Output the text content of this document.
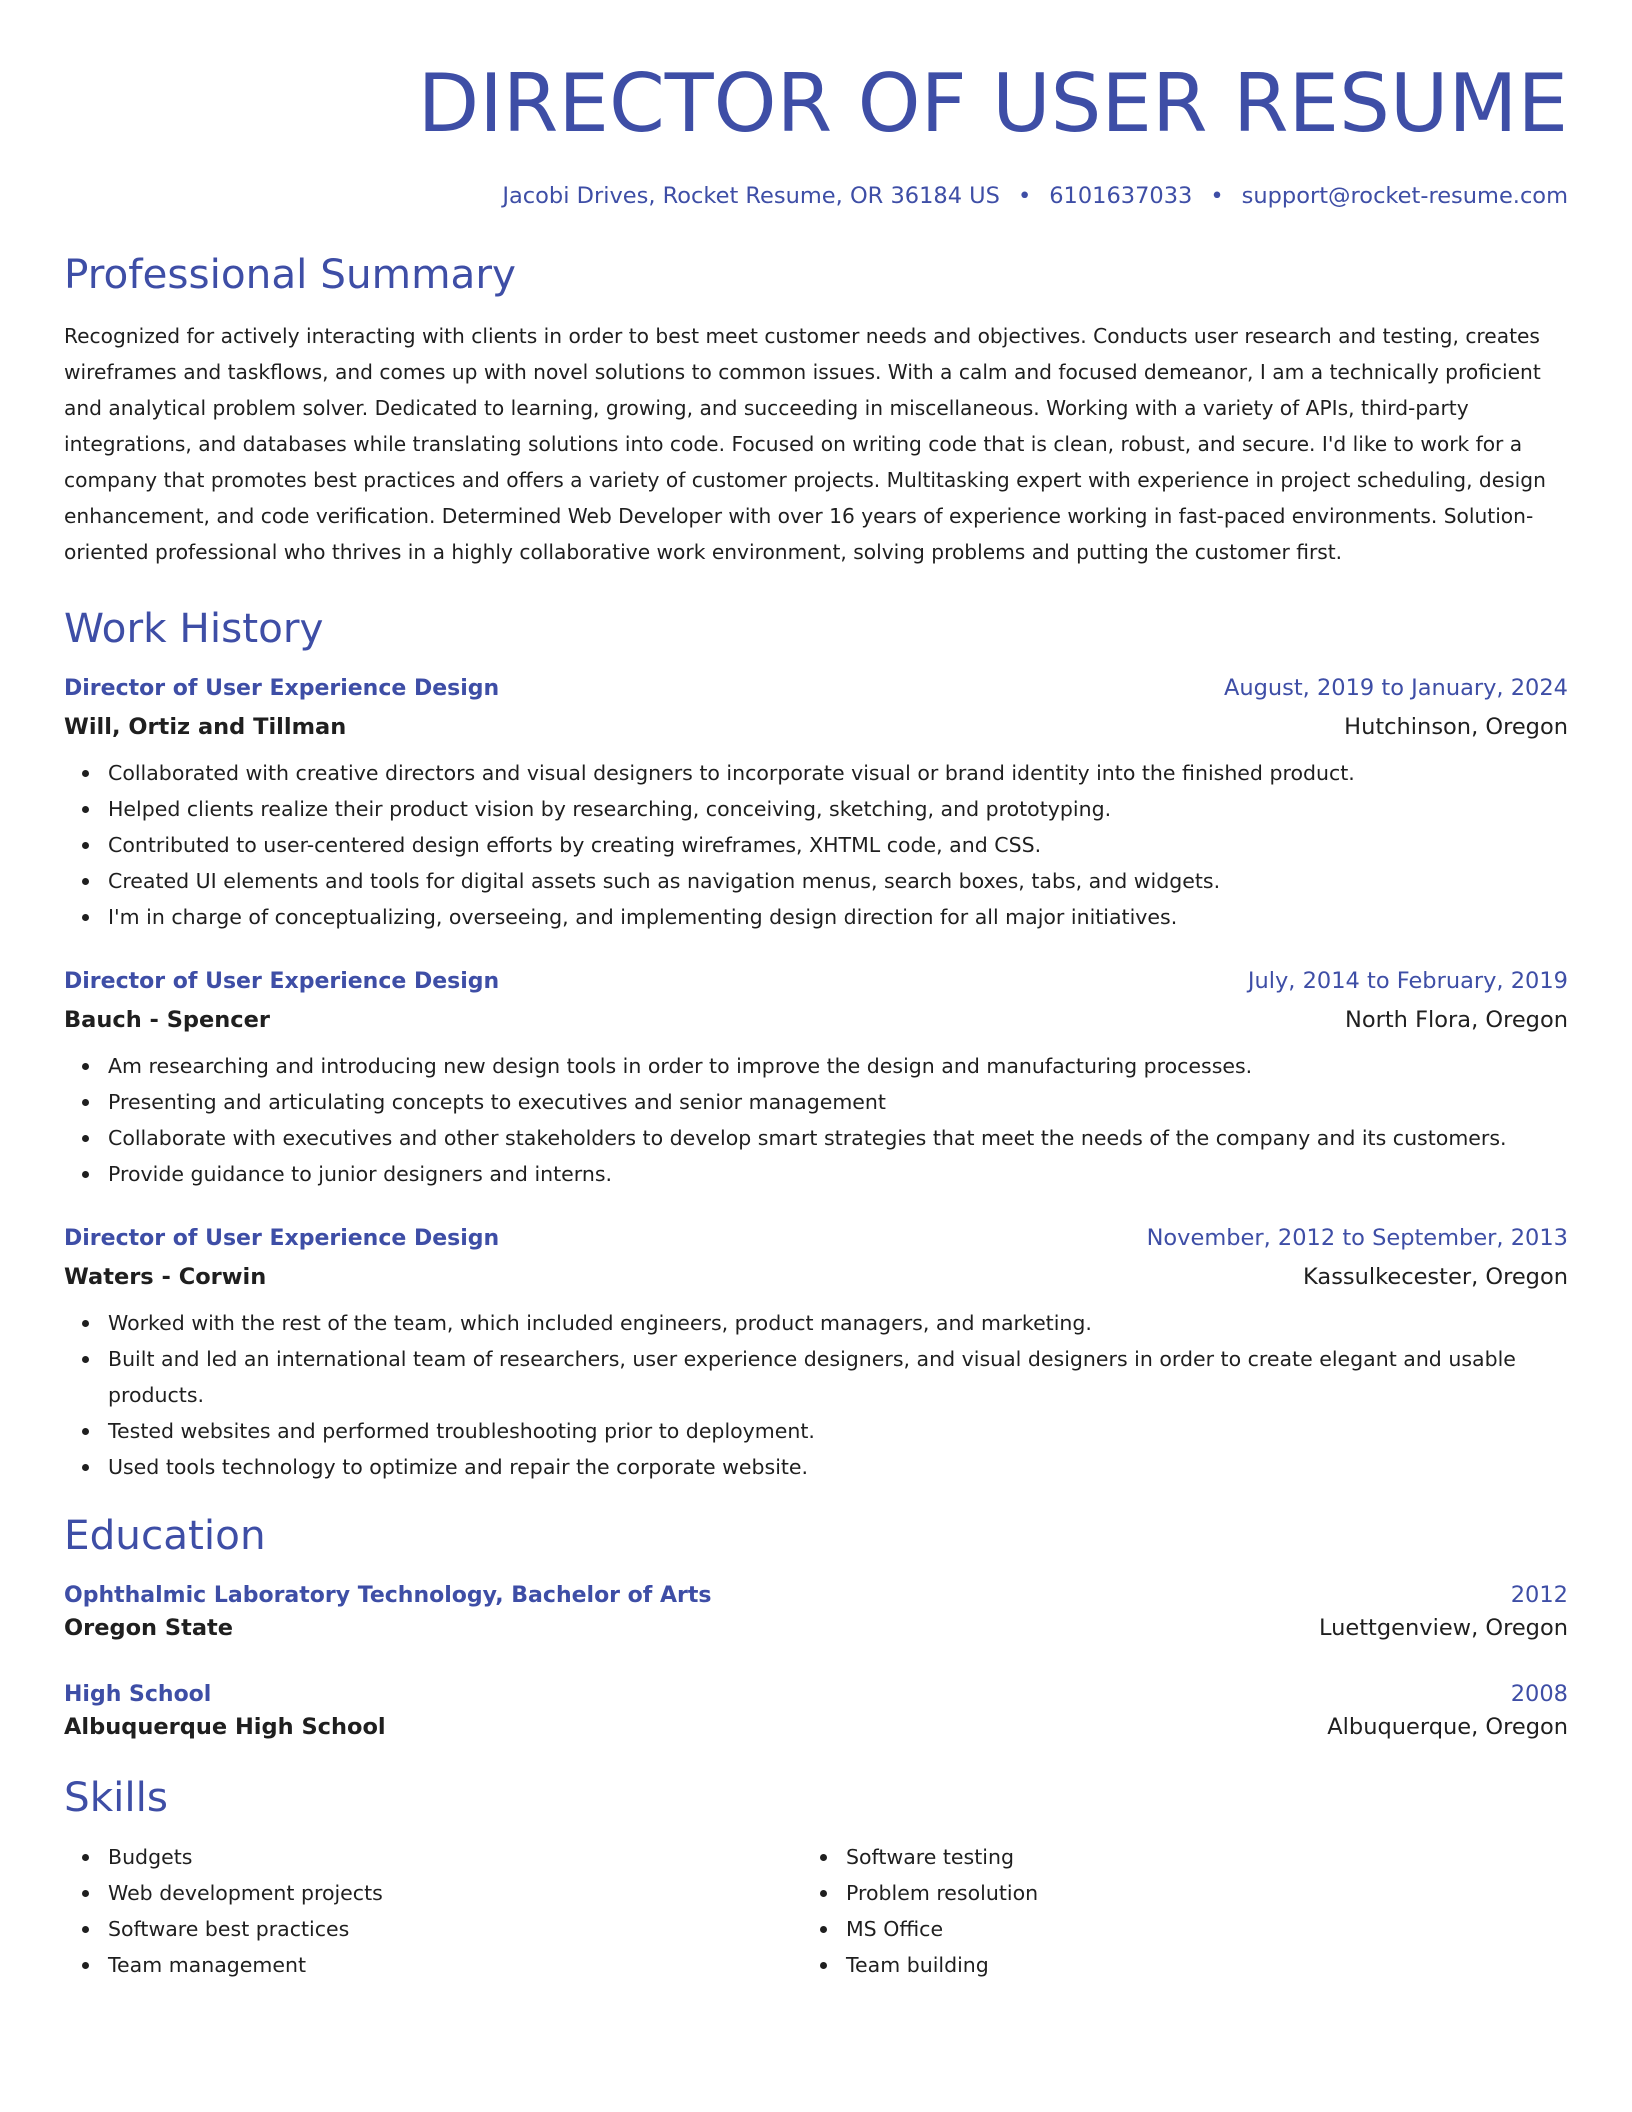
DIRECTOR OF USER RESUME
Jacobi Drives, Rocket Resume, OR 36184 US • 6101637033 • support@rocket-resume.com
Professional Summary
Recognized for actively interacting with clients in order to best meet customer needs and objectives. Conducts user research and testing, creates wireframes and taskflows, and comes up with novel solutions to common issues. With a calm and focused demeanor, I am a technically proficient and analytical problem solver. Dedicated to learning, growing, and succeeding in miscellaneous. Working with a variety of APIs, third-party integrations, and databases while translating solutions into code. Focused on writing code that is clean, robust, and secure. I'd like to work for a company that promotes best practices and offers a variety of customer projects. Multitasking expert with experience in project scheduling, design enhancement, and code verification. Determined Web Developer with over 16 years of experience working in fast-paced environments. Solution-oriented professional who thrives in a highly collaborative work environment, solving problems and putting the customer first.
Work History
Director of User Experience Design	August, 2019 to January, 2024
Will, Ortiz and Tillman	Hutchinson, Oregon
Collaborated with creative directors and visual designers to incorporate visual or brand identity into the finished product.
Helped clients realize their product vision by researching, conceiving, sketching, and prototyping.
Contributed to user-centered design efforts by creating wireframes, XHTML code, and CSS.
Created UI elements and tools for digital assets such as navigation menus, search boxes, tabs, and widgets.
I'm in charge of conceptualizing, overseeing, and implementing design direction for all major initiatives.
Director of User Experience Design	July, 2014 to February, 2019
Bauch - Spencer	North Flora, Oregon
Am researching and introducing new design tools in order to improve the design and manufacturing processes.
Presenting and articulating concepts to executives and senior management
Collaborate with executives and other stakeholders to develop smart strategies that meet the needs of the company and its customers.
Provide guidance to junior designers and interns.
Director of User Experience Design	November, 2012 to September, 2013
Waters - Corwin	Kassulkecester, Oregon
Worked with the rest of the team, which included engineers, product managers, and marketing.
Built and led an international team of researchers, user experience designers, and visual designers in order to create elegant and usable products.
Tested websites and performed troubleshooting prior to deployment.
Used tools technology to optimize and repair the corporate website.
Education
Ophthalmic Laboratory Technology, Bachelor of Arts	2012
Oregon State	Luettgenview, Oregon
High School	2008
Albuquerque High School	Albuquerque, Oregon
Skills
Budgets
Web development projects
Software best practices
Team management
Software testing
Problem resolution
MS Office
Team building
